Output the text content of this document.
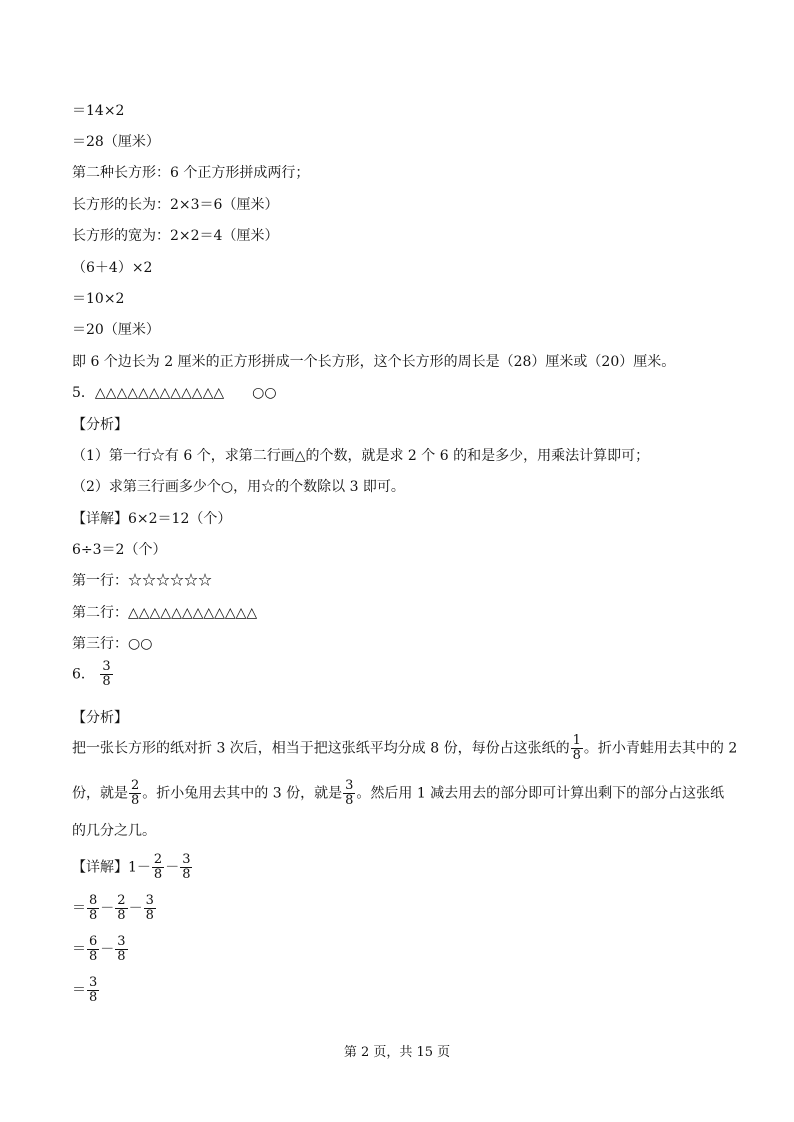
＝14×2
＝28（厘米）
第二种长方形：6 个正方形拼成两行；
长方形的长为：2×3＝6（厘米）
长方形的宽为：2×2＝4（厘米）
（6＋4）×2
＝10×2
＝20（厘米）
即 6 个边长为 2 厘米的正方形拼成一个长方形，这个长方形的周长是（28）厘米或（20）厘米。
5．△△△△△△△△△△△△　　○○
【分析】
（1）第一行☆有 6 个，求第二行画△的个数，就是求 2 个 6 的和是多少，用乘法计算即可；
（2）求第三行画多少个○，用☆的个数除以 3 即可。
【详解】6×2＝12（个）
6÷3＝2（个）
第一行：☆☆☆☆☆☆
第二行：△△△△△△△△△△△△
第三行：○○
6． $\frac{3}{8}$
【分析】
把一张长方形的纸对折 3 次后，相当于把这张纸平均分成 8 份，每份占这张纸的 $\frac{1}{8}$ 。折小青蛙用去其中的 2
份，就是 $\frac{2}{8}$ 。折小兔用去其中的 3 份，就是 $\frac{3}{8}$ 。然后用 1 减去用去的部分即可计算出剩下的部分占这张纸
的几分之几。
【详解】$1- \frac{2}{8} - \frac{3}{8}$
＝ $\frac{8}{8} - \frac{2}{8} - \frac{3}{8}$
＝ $\frac{6}{8} - \frac{3}{8}$
＝ $\frac{3}{8}$
第 2 页，共 15 页
